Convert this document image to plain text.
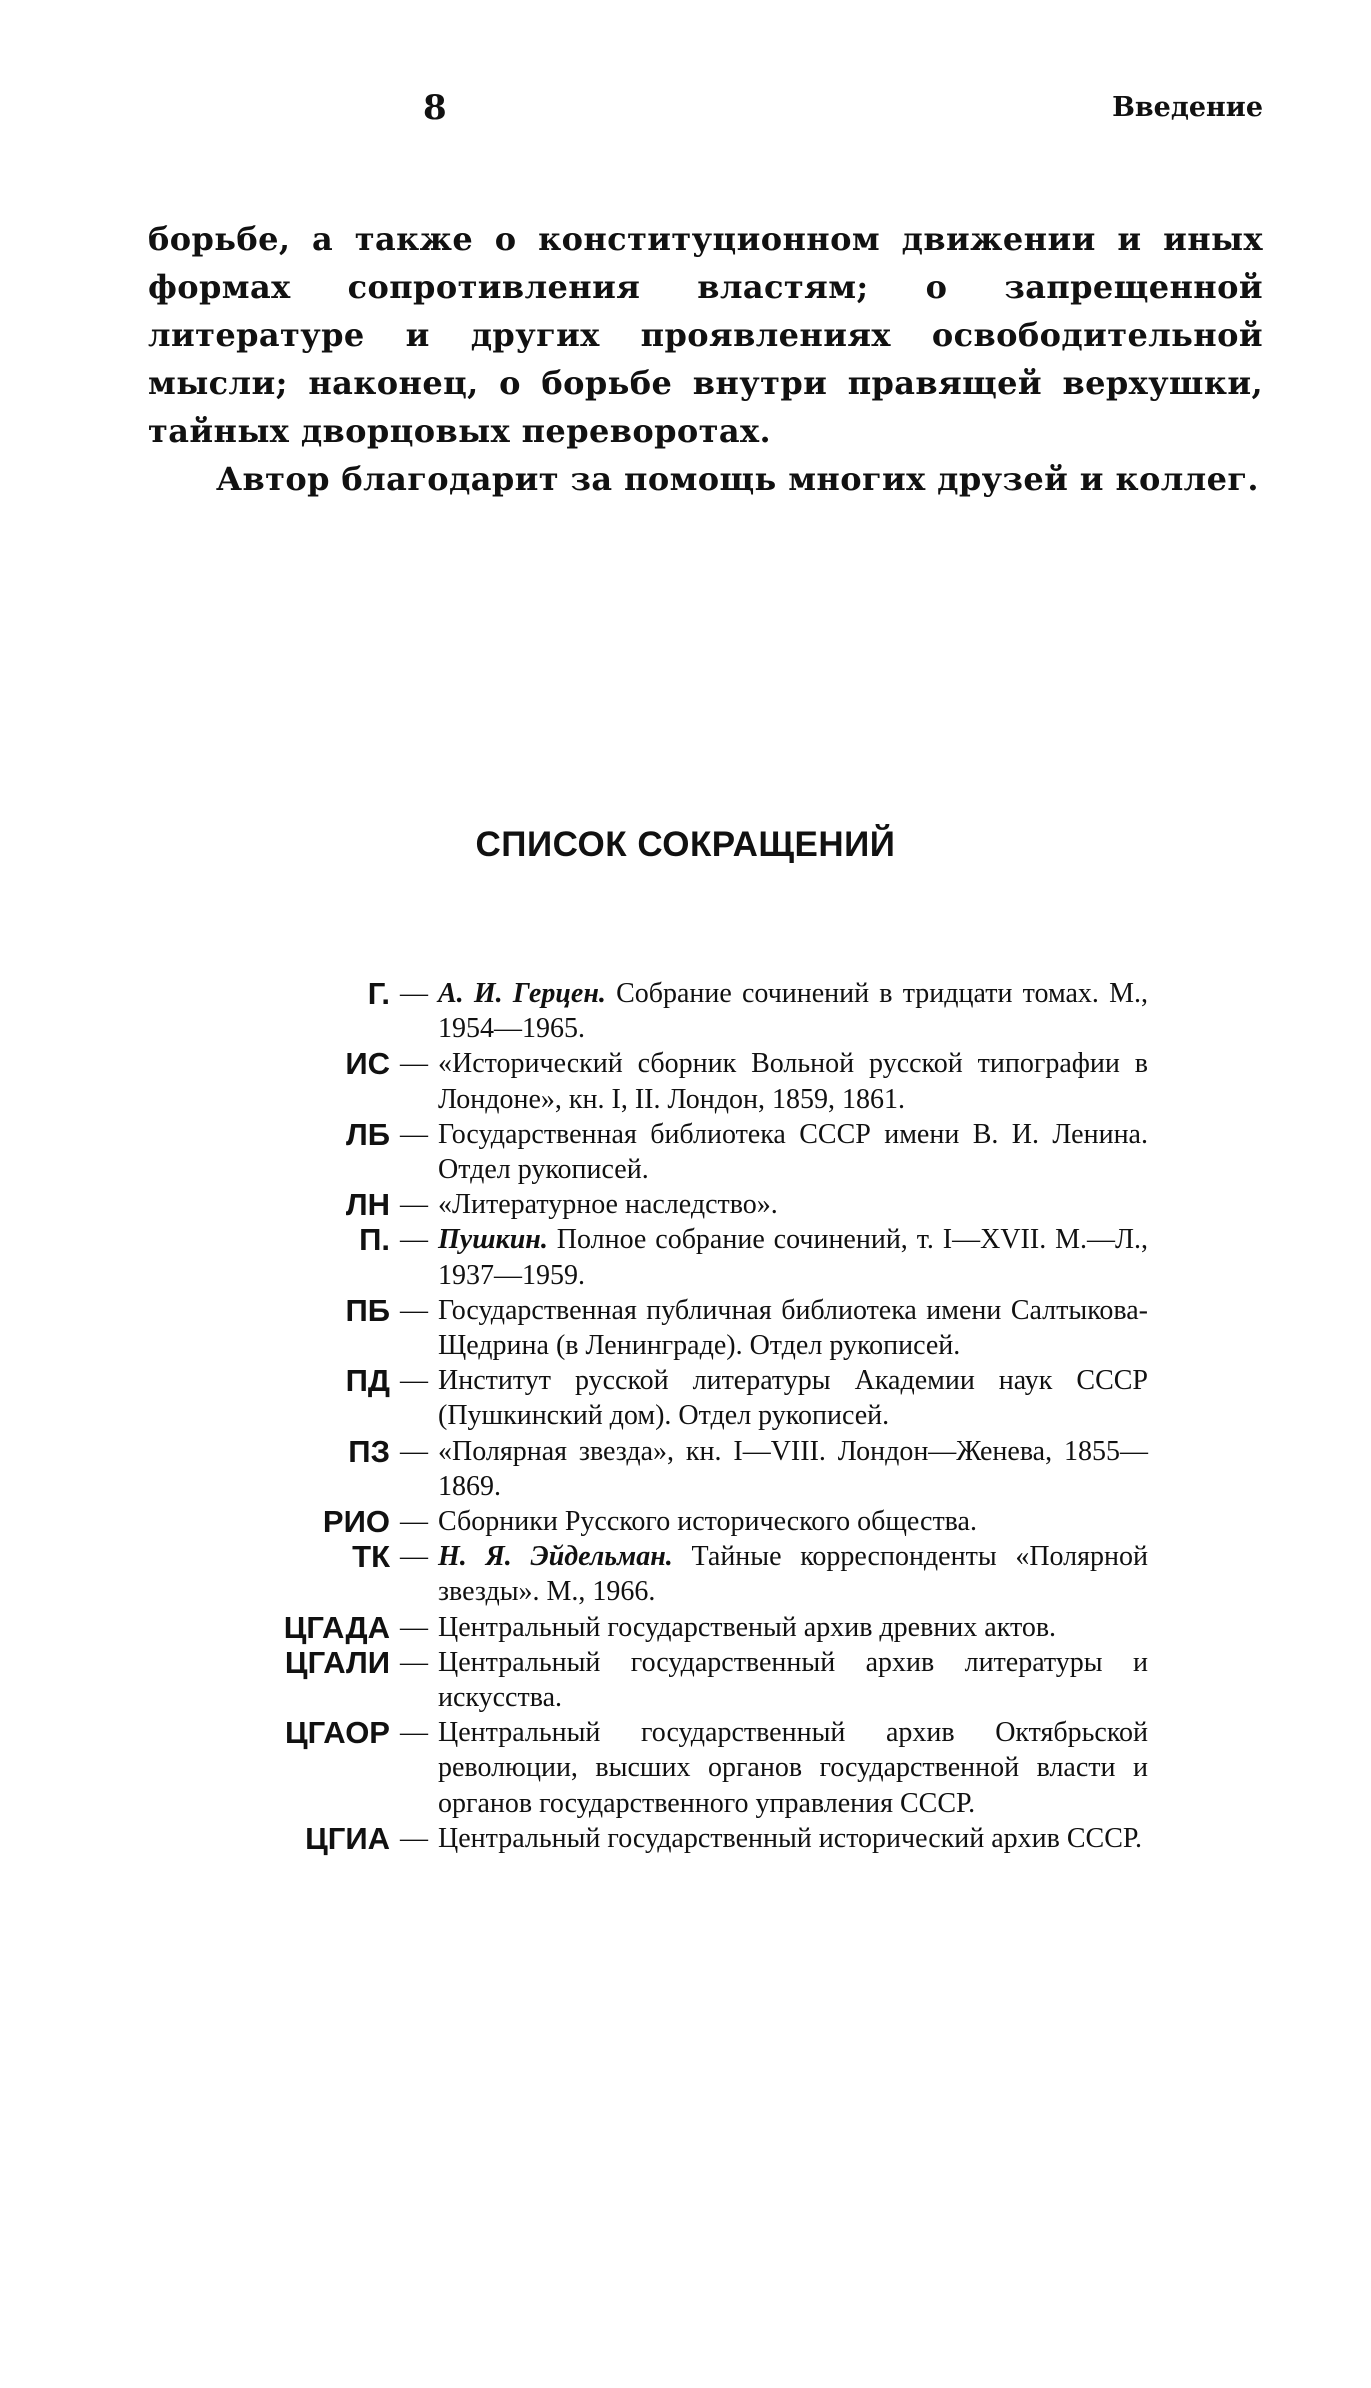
8	Введение

борьбе, а также о конституционном движении и иных формах сопротивления властям; о запрещенной литературе и других проявлениях освободительной мысли; наконец, о борьбе внутри правящей верхушки, тайных дворцовых переворотах.

Автор благодарит за помощь многих друзей и коллег.

СПИСОК СОКРАЩЕНИЙ
Г. — А. И. Герцен. Собрание сочинений в тридцати томах. М., 1954—1965.
ИС — «Исторический сборник Вольной русской типографии в Лондоне», кн. I, II. Лондон, 1859, 1861.
ЛБ — Государственная библиотека СССР имени В. И. Ленина. Отдел рукописей.
ЛН — «Литературное наследство».
П. — Пушкин. Полное собрание сочинений, т. I—XVII. М.—Л., 1937—1959.
ПБ — Государственная публичная библиотека имени Салтыкова-Щедрина (в Ленинграде). Отдел рукописей.
ПД — Институт русской литературы Академии наук СССР (Пушкинский дом). Отдел рукописей.
ПЗ — «Полярная звезда», кн. I—VIII. Лондон—Женева, 1855—1869.
РИО — Сборники Русского исторического общества.
ТК — Н. Я. Эйдельман. Тайные корреспонденты «Полярной звезды». М., 1966.
ЦГАДА — Центральный государственый архив древних актов.
ЦГАЛИ — Центральный государственный архив литературы и искусства.
ЦГАОР — Центральный государственный архив Октябрьской революции, высших органов государственной власти и органов государственного управления СССР.
ЦГИА — Центральный государственный исторический архив СССР.
